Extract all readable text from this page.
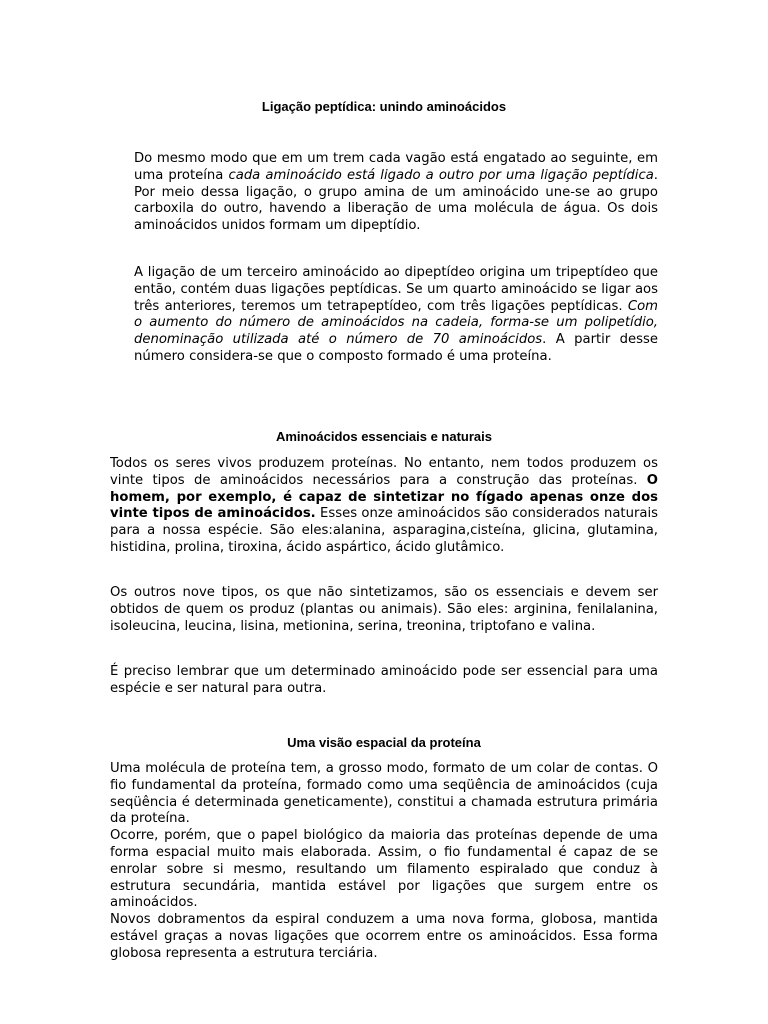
Ligação peptídica: unindo aminoácidos

Do mesmo modo que em um trem cada vagão está engatado ao seguinte, em uma proteína cada aminoácido está ligado a outro por uma ligação peptídica. Por meio dessa ligação, o grupo amina de um aminoácido une-se ao grupo carboxila do outro, havendo a liberação de uma molécula de água. Os dois aminoácidos unidos formam um dipeptídio.

A ligação de um terceiro aminoácido ao dipeptídeo origina um tripeptídeo que então, contém duas ligações peptídicas. Se um quarto aminoácido se ligar aos três anteriores, teremos um tetrapeptídeo, com três ligações peptídicas. Com o aumento do número de aminoácidos na cadeia, forma-se um polipetídio, denominação utilizada até o número de 70 aminoácidos. A partir desse número considera-se que o composto formado é uma proteína.

Aminoácidos essenciais e naturais

Todos os seres vivos produzem proteínas. No entanto, nem todos produzem os vinte tipos de aminoácidos necessários para a construção das proteínas. O homem, por exemplo, é capaz de sintetizar no fígado apenas onze dos vinte tipos de aminoácidos. Esses onze aminoácidos são considerados naturais para a nossa espécie. São eles:alanina, asparagina,cisteína, glicina, glutamina, histidina, prolina, tiroxina, ácido aspártico, ácido glutâmico.

Os outros nove tipos, os que não sintetizamos, são os essenciais e devem ser obtidos de quem os produz (plantas ou animais). São eles: arginina, fenilalanina, isoleucina, leucina, lisina, metionina, serina, treonina, triptofano e valina.

É preciso lembrar que um determinado aminoácido pode ser essencial para uma espécie e ser natural para outra.

Uma visão espacial da proteína

Uma molécula de proteína tem, a grosso modo, formato de um colar de contas. O fio fundamental da proteína, formado como uma seqüência de aminoácidos (cuja seqüência é determinada geneticamente), constitui a chamada estrutura primária da proteína.

Ocorre, porém, que o papel biológico da maioria das proteínas depende de uma forma espacial muito mais elaborada. Assim, o fio fundamental é capaz de se enrolar sobre si mesmo, resultando um filamento espiralado que conduz à estrutura secundária, mantida estável por ligações que surgem entre os aminoácidos.

Novos dobramentos da espiral conduzem a uma nova forma, globosa, mantida estável graças a novas ligações que ocorrem entre os aminoácidos. Essa forma globosa representa a estrutura terciária.
